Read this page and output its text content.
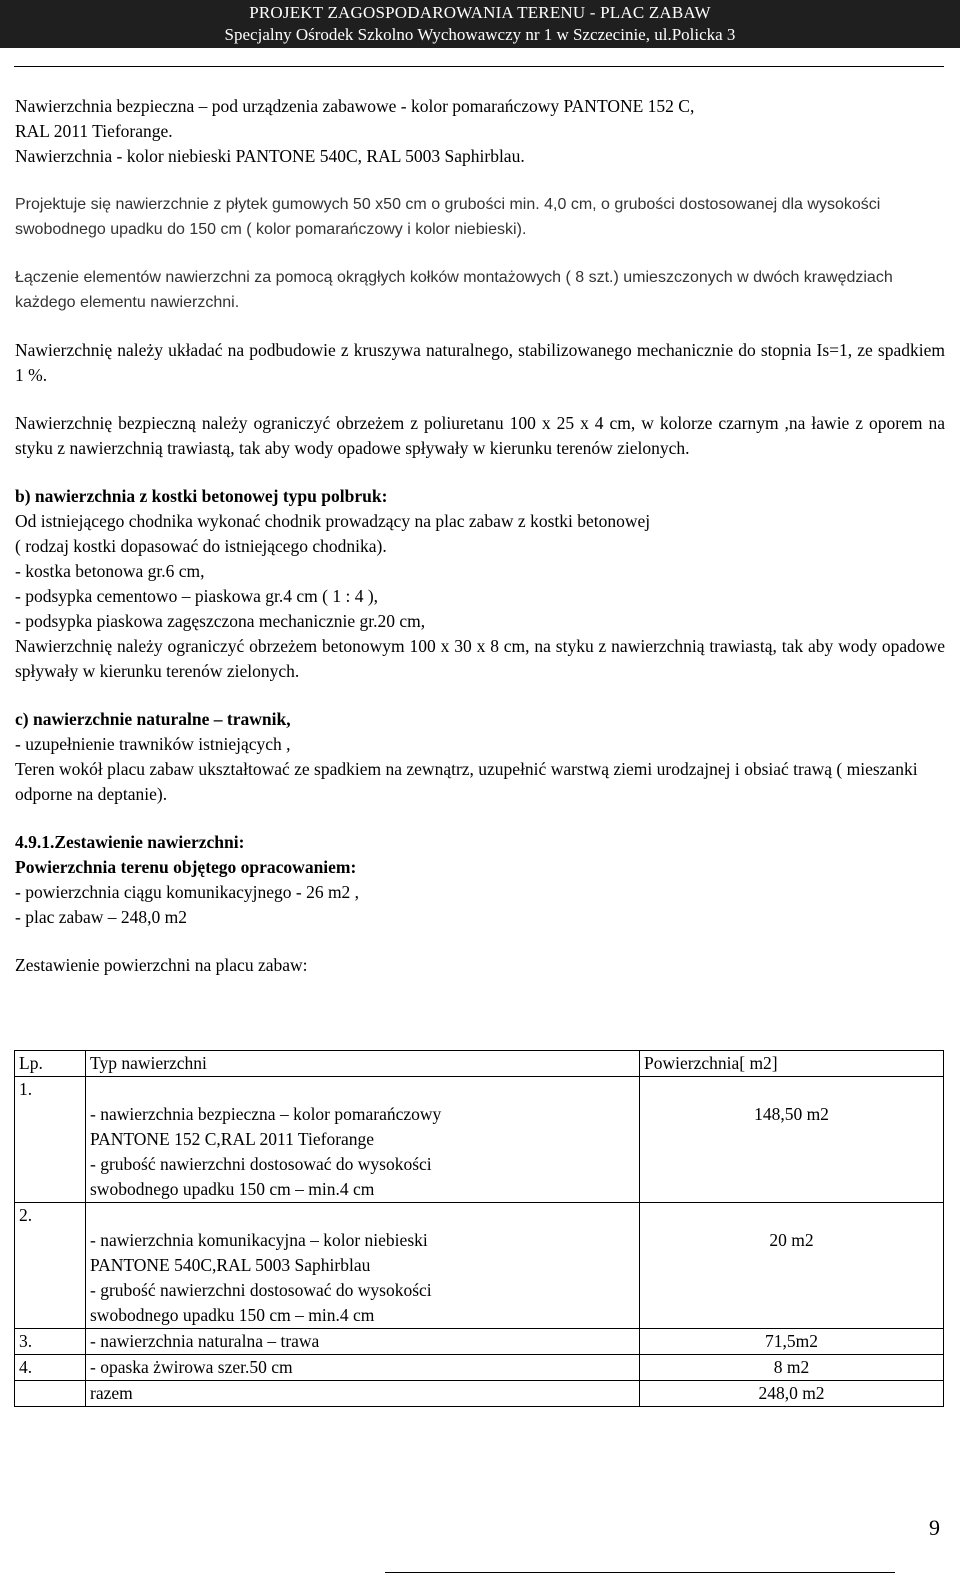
PROJEKT ZAGOSPODAROWANIA TERENU - PLAC ZABAW
Specjalny Ośrodek Szkolno Wychowawczy nr 1 w Szczecinie, ul.Policka 3

Nawierzchnia bezpieczna – pod urządzenia zabawowe - kolor pomarańczowy PANTONE 152 C,

RAL 2011 Tieforange.

Nawierzchnia - kolor niebieski PANTONE 540C, RAL 5003 Saphirblau.

Projektuje się nawierzchnie z płytek gumowych 50 x50 cm o grubości min. 4,0 cm, o grubości dostosowanej dla wysokości swobodnego upadku do 150 cm ( kolor pomarańczowy i kolor niebieski).

Łączenie elementów nawierzchni za pomocą okrągłych kołków montażowych ( 8 szt.) umieszczonych w dwóch krawędziach każdego elementu nawierzchni.

Nawierzchnię należy układać na podbudowie z kruszywa naturalnego, stabilizowanego mechanicznie do stopnia Is=1, ze spadkiem 1 %.

Nawierzchnię bezpieczną należy ograniczyć obrzeżem z poliuretanu 100 x 25 x 4 cm, w kolorze czarnym ,na ławie z oporem na styku z nawierzchnią trawiastą, tak aby wody opadowe spływały w kierunku terenów zielonych.

b) nawierzchnia z kostki betonowej typu polbruk:

Od istniejącego chodnika wykonać chodnik prowadzący na plac zabaw z kostki betonowej

( rodzaj kostki dopasować do istniejącego chodnika).

- kostka betonowa gr.6 cm,

- podsypka cementowo – piaskowa gr.4 cm ( 1 : 4 ),

- podsypka piaskowa zagęszczona mechanicznie gr.20 cm,

Nawierzchnię należy ograniczyć obrzeżem betonowym 100 x 30 x 8 cm, na styku z nawierzchnią trawiastą, tak aby wody opadowe spływały w kierunku terenów zielonych.

c) nawierzchnie naturalne – trawnik,

- uzupełnienie trawników istniejących ,

Teren wokół placu zabaw ukształtować ze spadkiem na zewnątrz, uzupełnić warstwą ziemi urodzajnej i obsiać trawą ( mieszanki odporne na deptanie).

4.9.1.Zestawienie nawierzchni:

Powierzchnia terenu objętego opracowaniem:

- powierzchnia ciągu komunikacyjnego - 26 m2 ,

- plac zabaw – 248,0 m2

Zestawienie powierzchni na placu zabaw:

Lp.	Typ nawierzchni	Powierzchnia[ m2]
1.	- nawierzchnia bezpieczna – kolor pomarańczowy
PANTONE 152 C,RAL 2011 Tieforange
- grubość nawierzchni dostosować do wysokości
swobodnego upadku 150 cm – min.4 cm	148,50 m2

2.	- nawierzchnia komunikacyjna – kolor niebieski
PANTONE 540C,RAL 5003 Saphirblau
- grubość nawierzchni dostosować do wysokości
swobodnego upadku 150 cm – min.4 cm	20 m2

3.	- nawierzchnia naturalna – trawa	71,5m2
4.	- opaska żwirowa szer.50 cm	8 m2
	razem	248,0 m2
9
